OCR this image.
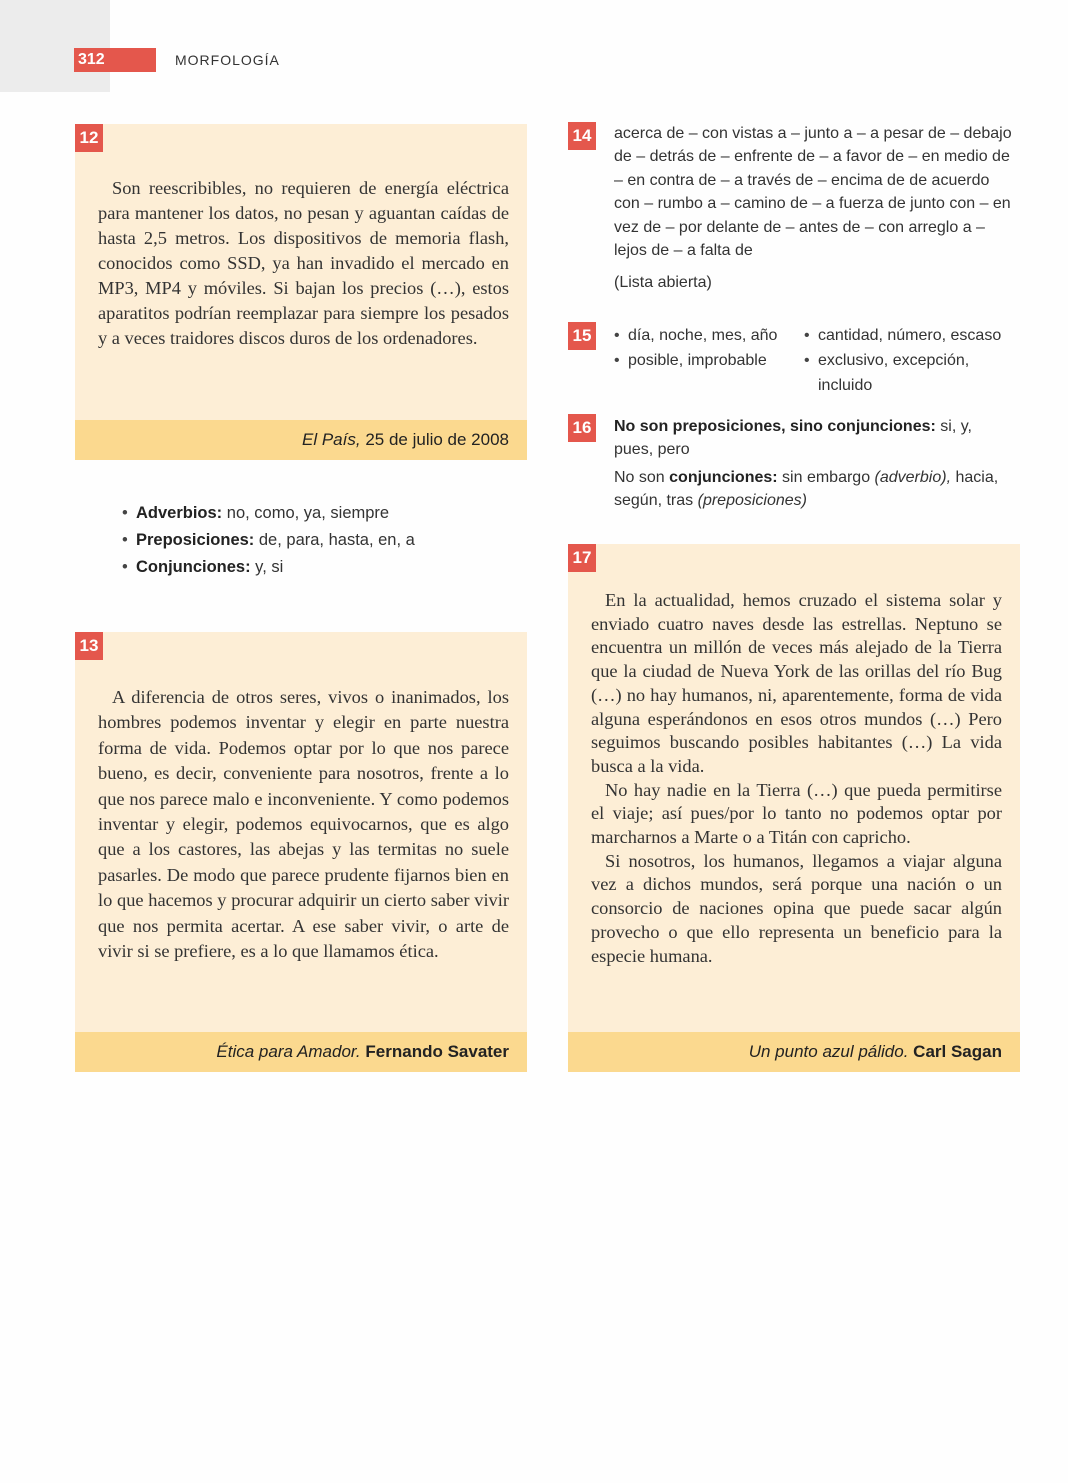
312	MORFOLOGÍA
12

Son reescribibles, no requieren de energía eléctrica para mantener los datos, no pesan y aguantan caídas de hasta 2,5 metros. Los dispositivos de memoria flash, conocidos como SSD, ya han invadido el mercado en MP3, MP4 y móviles. Si bajan los precios (…), estos aparatitos podrían reemplazar para siempre los pesados y a veces traidores discos duros de los ordenadores.

El País, 25 de julio de 2008
• Adverbios: no, como, ya, siempre
• Preposiciones: de, para, hasta, en, a
• Conjunciones: y, si
13

A diferencia de otros seres, vivos o inanimados, los hombres podemos inventar y elegir en parte nuestra forma de vida. Podemos optar por lo que nos parece bueno, es decir, conveniente para nosotros, frente a lo que nos parece malo e inconveniente. Y como podemos inventar y elegir, podemos equivocarnos, que es algo que a los castores, las abejas y las termitas no suele pasarles. De modo que parece prudente fijarnos bien en lo que hacemos y procurar adquirir un cierto saber vivir que nos permita acertar. A ese saber vivir, o arte de vivir si se prefiere, es a lo que llamamos ética.

Ética para Amador. Fernando Savater
14 acerca de – con vistas a – junto a – a pesar de – debajo de – detrás de – enfrente de – a favor de – en medio de – en contra de – a través de – encima de de acuerdo con – rumbo a – camino de – a fuerza de junto con – en vez de – por delante de – antes de – con arreglo a – lejos de – a falta de
(Lista abierta)
15
•	día, noche, mes, año
• posible, improbable
• cantidad, número, escaso
• exclusivo, excepción, incluido
16 No son preposiciones, sino conjunciones: si, y, pues, pero
No son conjunciones: sin embargo (adverbio), hacia, según, tras (preposiciones)
17

En la actualidad, hemos cruzado el sistema solar y enviado cuatro naves desde las estrellas. Neptuno se encuentra un millón de veces más alejado de la Tierra que la ciudad de Nueva York de las orillas del río Bug (…) no hay humanos, ni, aparentemente, forma de vida alguna esperándonos en esos otros mundos (…) Pero seguimos buscando posibles habitantes (…) La vida busca a la vida.

No hay nadie en la Tierra (…) que pueda permitirse el viaje; así pues/por lo tanto no podemos optar por marcharnos a Marte o a Titán con capricho.

Si nosotros, los humanos, llegamos a viajar alguna vez a dichos mundos, será porque una nación o un consorcio de naciones opina que puede sacar algún provecho o que ello representa un beneficio para la especie humana.

Un punto azul pálido. Carl Sagan
